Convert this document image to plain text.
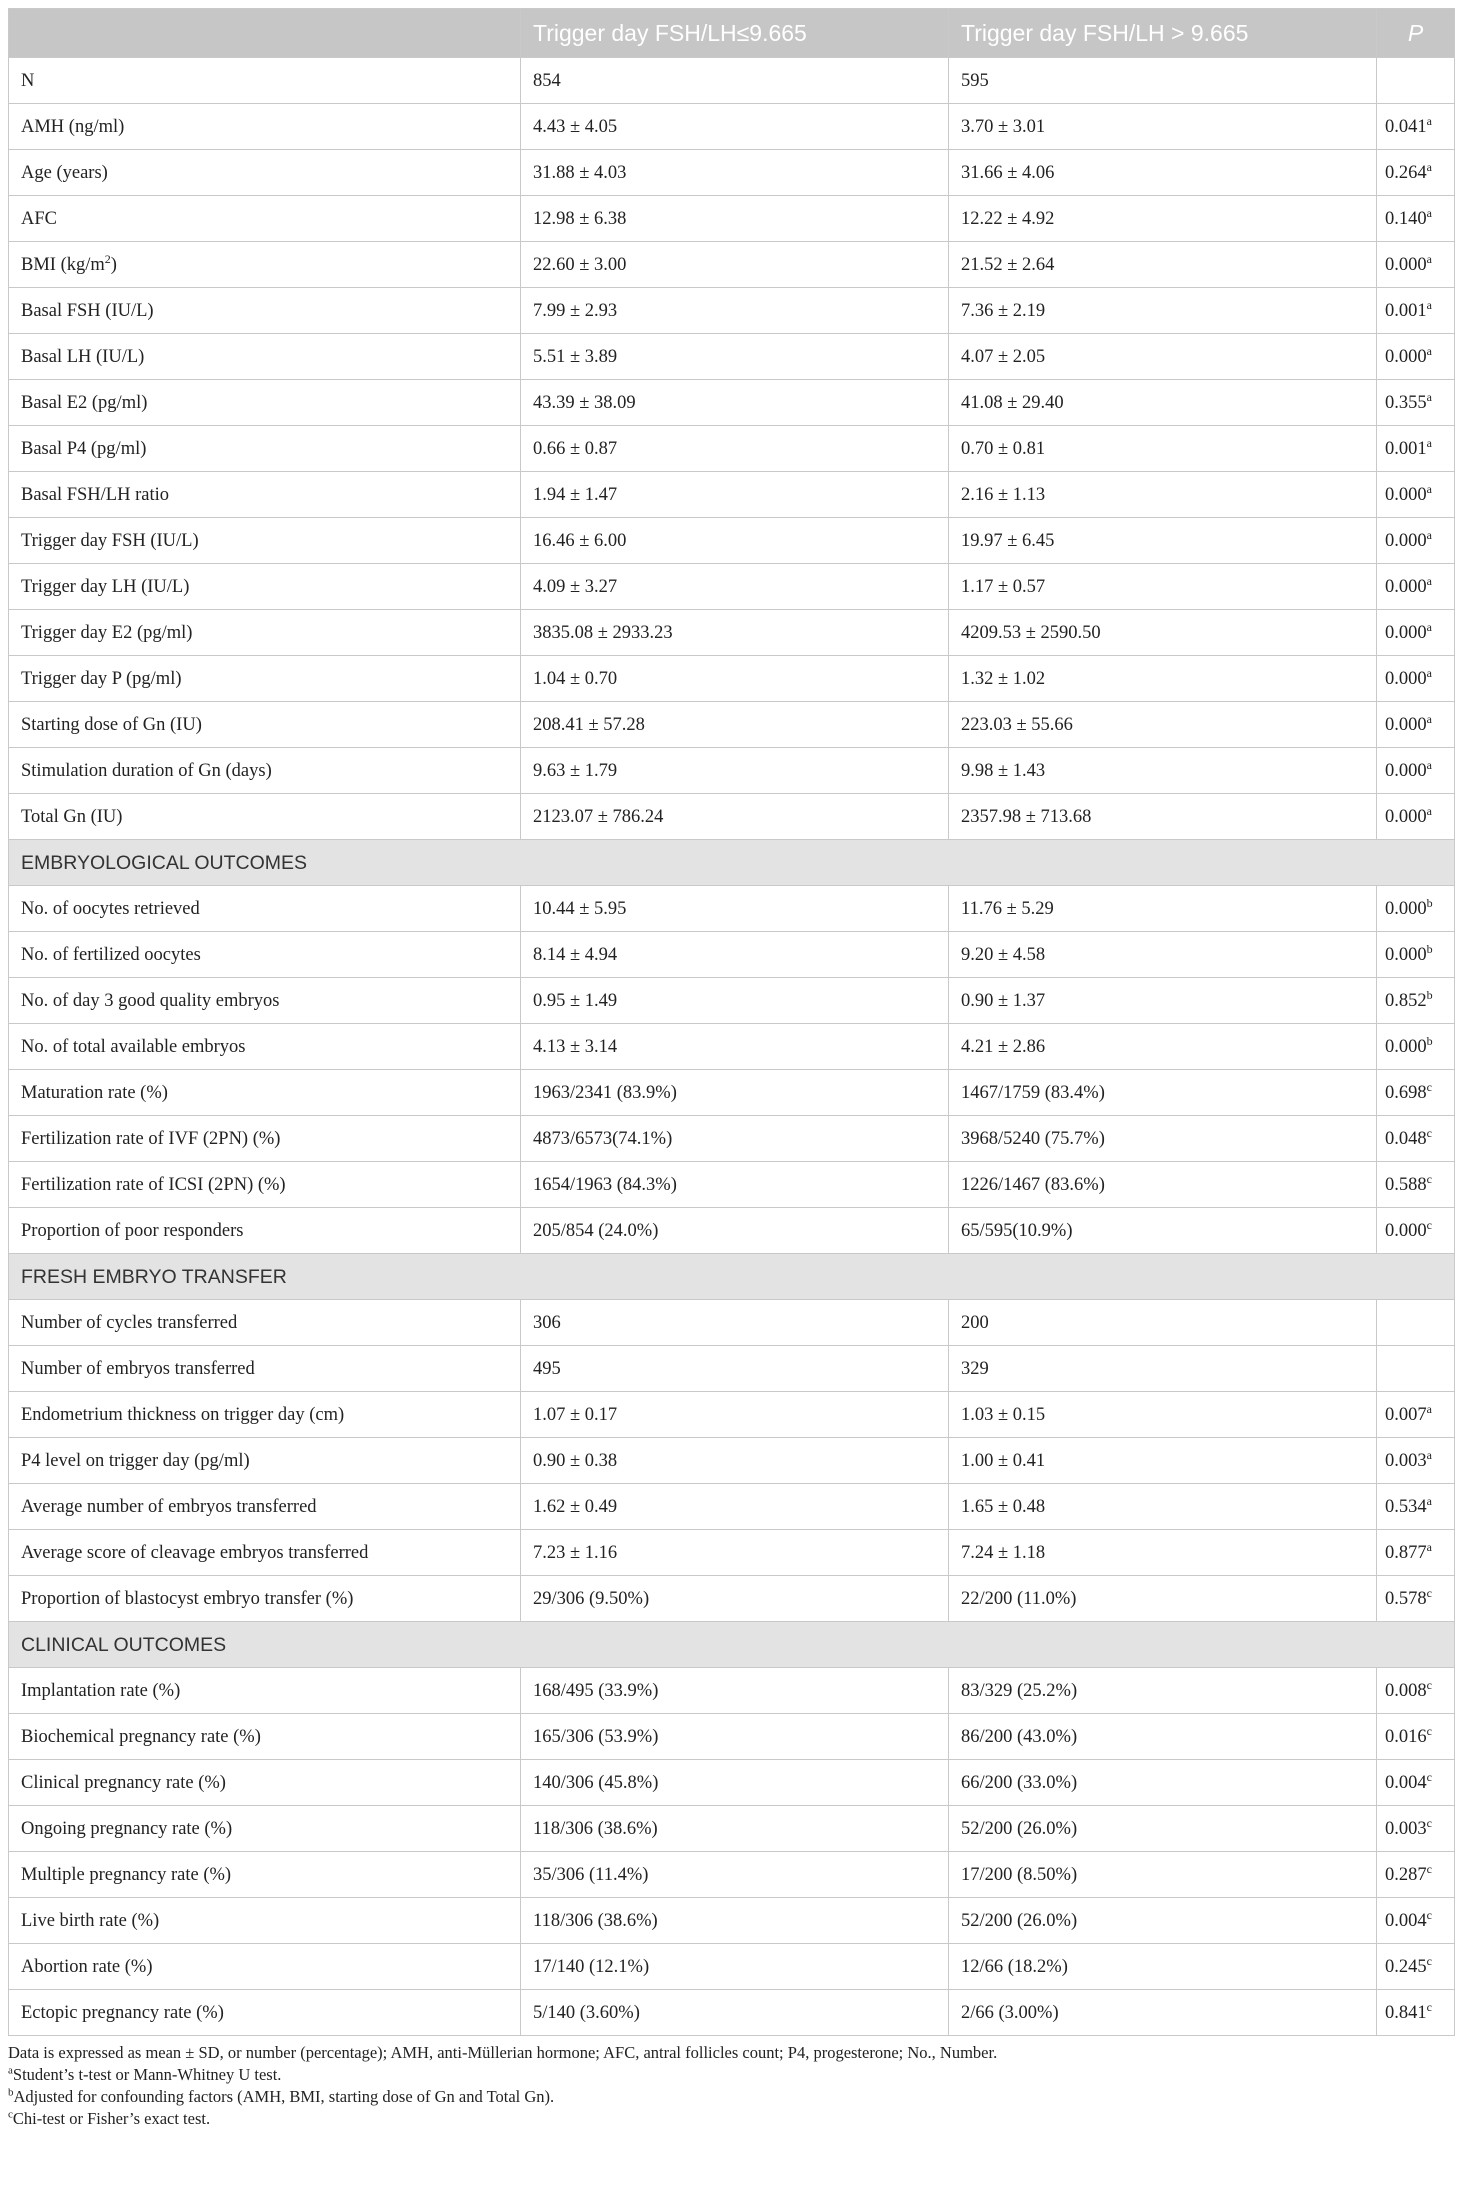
	Trigger day FSH/LH≤9.665	Trigger day FSH/LH > 9.665	P
N	854	595	
AMH (ng/ml)	4.43 ± 4.05	3.70 ± 3.01	0.041$^a$
Age (years)	31.88 ± 4.03	31.66 ± 4.06	0.264$^a$
AFC	12.98 ± 6.38	12.22 ± 4.92	0.140$^a$
BMI $(kg/m^2)$	22.60 ± 3.00	21.52 ± 2.64	0.000$^a$
Basal FSH (IU/L)	7.99 ± 2.93	7.36 ± 2.19	0.001$^a$
Basal LH (IU/L)	5.51 ± 3.89	4.07 ± 2.05	0.000$^a$
Basal E2 (pg/ml)	43.39 ± 38.09	41.08 ± 29.40	0.355$^a$
Basal P4 (pg/ml)	0.66 ± 0.87	0.70 ± 0.81	0.001$^a$
Basal FSH/LH ratio	1.94 ± 1.47	2.16 ± 1.13	0.000$^a$
Trigger day FSH (IU/L)	16.46 ± 6.00	19.97 ± 6.45	0.000$^a$
Trigger day LH (IU/L)	4.09 ± 3.27	1.17 ± 0.57	0.000$^a$
Trigger day E2 (pg/ml)	3835.08 ± 2933.23	4209.53 ± 2590.50	0.000$^a$
Trigger day P (pg/ml)	1.04 ± 0.70	1.32 ± 1.02	0.000$^a$
Starting dose of Gn (IU)	208.41 ± 57.28	223.03 ± 55.66	0.000$^a$
Stimulation duration of Gn (days)	9.63 ± 1.79	9.98 ± 1.43	0.000$^a$
Total Gn (IU)	2123.07 ± 786.24	2357.98 ± 713.68	0.000$^a$
EMBRYOLOGICAL OUTCOMES			
No. of oocytes retrieved	10.44 ± 5.95	11.76 ± 5.29	0.000$^b$
No. of fertilized oocytes	8.14 ± 4.94	9.20 ± 4.58	0.000$^b$
No. of day 3 good quality embryos	0.95 ± 1.49	0.90 ± 1.37	0.852$^b$
No. of total available embryos	4.13 ± 3.14	4.21 ± 2.86	0.000$^b$
Maturation rate (%)	1963/2341 (83.9%)	1467/1759 (83.4%)	0.698$^c$
Fertilization rate of IVF (2PN) (%)	4873/6573(74.1%)	3968/5240 (75.7%)	0.048$^c$
Fertilization rate of ICSI (2PN) (%)	1654/1963 (84.3%)	1226/1467 (83.6%)	0.588$^c$
Proportion of poor responders	205/854 (24.0%)	65/595(10.9%)	0.000$^c$
FRESH EMBRYO TRANSFER			
Number of cycles transferred	306	200	
Number of embryos transferred	495	329	
Endometrium thickness on trigger day (cm)	1.07 ± 0.17	1.03 ± 0.15	0.007$^a$
P4 level on trigger day (pg/ml)	0.90 ± 0.38	1.00 ± 0.41	0.003$^a$
Average number of embryos transferred	1.62 ± 0.49	1.65 ± 0.48	0.534$^a$
Average score of cleavage embryos transferred	7.23 ± 1.16	7.24 ± 1.18	0.877$^a$
Proportion of blastocyst embryo transfer (%)	29/306 (9.50%)	22/200 (11.0%)	0.578$^c$
CLINICAL OUTCOMES			
Implantation rate (%)	168/495 (33.9%)	83/329 (25.2%)	0.008$^c$
Biochemical pregnancy rate (%)	165/306 (53.9%)	86/200 (43.0%)	0.016$^c$
Clinical pregnancy rate (%)	140/306 (45.8%)	66/200 (33.0%)	0.004$^c$
Ongoing pregnancy rate (%)	118/306 (38.6%)	52/200 (26.0%)	0.003$^c$
Multiple pregnancy rate (%)	35/306 (11.4%)	17/200 (8.50%)	0.287$^c$
Live birth rate (%)	118/306 (38.6%)	52/200 (26.0%)	0.004$^c$
Abortion rate (%)	17/140 (12.1%)	12/66 (18.2%)	0.245$^c$
Ectopic pregnancy rate (%)	5/140 (3.60%)	2/66 (3.00%)	0.841$^c$
Data is expressed as mean ± SD, or number (percentage); AMH, anti-Müllerian hormone; AFC, antral follicles count; P4, progesterone; No., Number.
$^a$Student’s t-test or Mann-Whitney U test.
$^b$Adjusted for confounding factors (AMH, BMI, starting dose of Gn and Total Gn).
$^c$Chi-test or Fisher’s exact test.
